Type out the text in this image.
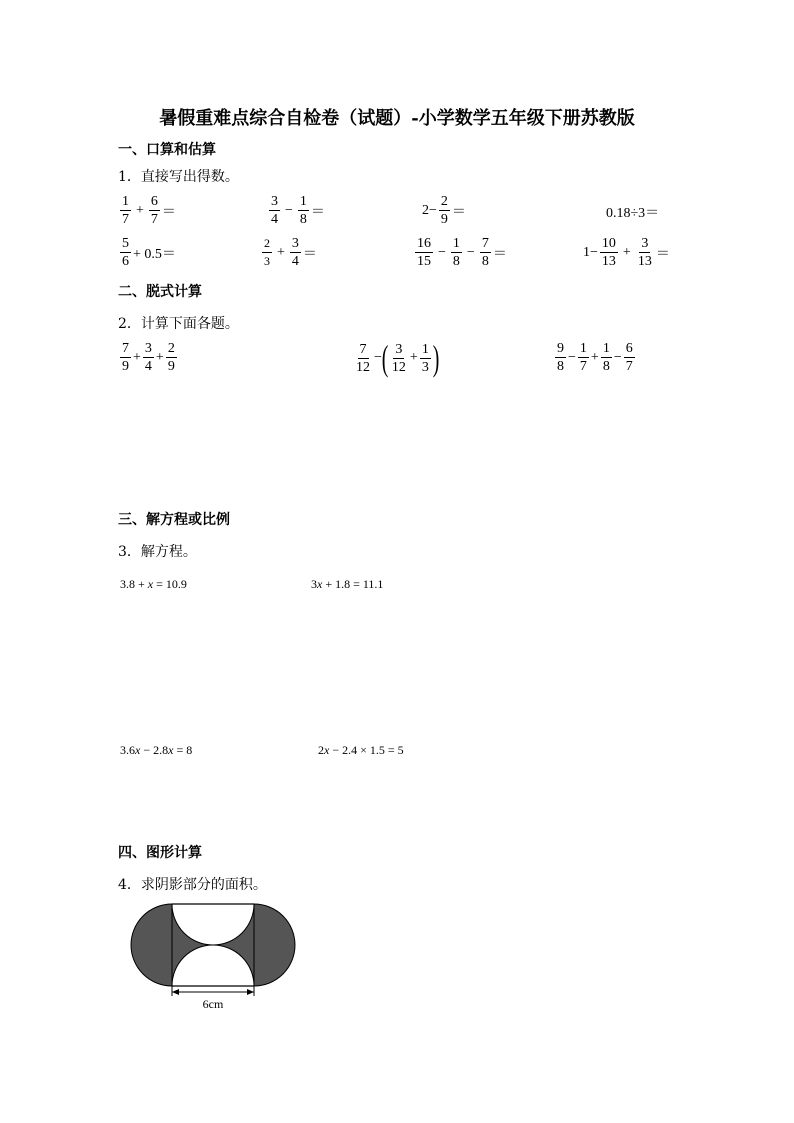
暑假重难点综合自检卷（试题）-小学数学五年级下册苏教版
一、口算和估算
1．直接写出得数。
$\frac{1}{7} + \frac{6}{7}$ ＝	$\frac{3}{4} - \frac{1}{8}$ ＝	$2- \frac{2}{9}$ ＝	0.18÷3＝
$\frac{5}{6} + 0.5=$	$\frac{2}{3} + \frac{3}{4}$ ＝	$\frac{16}{15} - \frac{1}{8} - \frac{7}{8}$ ＝	$1- \frac{10}{13} + \frac{3}{13}$ ＝
二、脱式计算
2．计算下面各题。
$\frac{7}{9} + \frac{3}{4} + \frac{2}{9}$	$\frac{7}{12}$ − ( $\frac{3}{12} + \frac{1}{3}$ )	$\frac{9}{8} - \frac{1}{7} + \frac{1}{8} - \frac{6}{7}$
三、解方程或比例
3．解方程。
3.8 + x = 10.9	3x + 1.8 = 11.1
3.6x − 2.8x = 8	2x − 2.4 × 1.5 = 5
四、图形计算
4．求阴影部分的面积。
6cm
